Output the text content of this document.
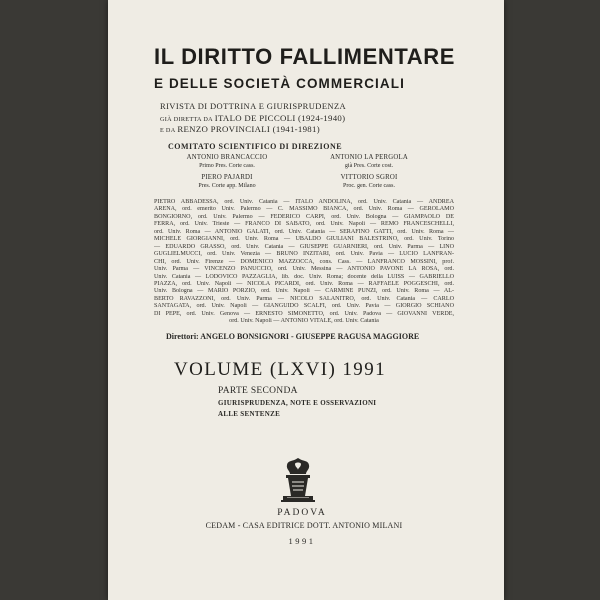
IL DIRITTO FALLIMENTARE
E DELLE SOCIETÀ COMMERCIALI
RIVISTA DI DOTTRINA E GIURISPRUDENZA
GIÀ DIRETTA DA ITALO DE PICCOLI (1924-1940)
E DA RENZO PROVINCIALI (1941-1981)
COMITATO SCIENTIFICO DI DIREZIONE
ANTONIO BRANCACCIO
Primo Pres. Corte cass.
ANTONIO LA PERGOLA
già Pres. Corte cost.
PIERO PAJARDI
Pres. Corte app. Milano
VITTORIO SGROI
Proc. gen. Corte cass.
PIETRO ABBADESSA, ord. Univ. Catania — ITALO ANDOLINA, ord. Univ. Catania — ANDREA
ARENA, ord. emerito Univ. Palermo — C. MASSIMO BIANCA, ord. Univ. Roma — GEROLAMO
BONGIORNO, ord. Univ. Palermo — FEDERICO CARPI, ord. Univ. Bologna — GIAMPAOLO DE
FERRA, ord. Univ. Trieste — FRANCO DI SABATO, ord. Univ. Napoli — REMO FRANCESCHELLI,
ord. Univ. Roma — ANTONIO GALATI, ord. Univ. Catania — SERAFINO GATTI, ord. Univ. Roma —
MICHELE GIORGIANNI, ord. Univ. Roma — UBALDO GIULIANI BALESTRINO, ord. Univ. Torino
— EDUARDO GRASSO, ord. Univ. Catania — GIUSEPPE GUARNIERI, ord. Univ. Parma — LINO
GUGLIELMUCCI, ord. Univ. Venezia — BRUNO INZITARI, ord. Univ. Pavia — LUCIO LANFRAN-
CHI, ord. Univ. Firenze — DOMENICO MAZZOCCA, cons. Cass. — LANFRANCO MOSSINI, prof.
Univ. Parma — VINCENZO PANUCCIO, ord. Univ. Messina — ANTONIO PAVONE LA ROSA, ord.
Univ. Catania — LODOVICO PAZZAGLIA, lib. doc. Univ. Roma; docente della LUISS — GABRIELLO
PIAZZA, ord. Univ. Napoli — NICOLA PICARDI, ord. Univ. Roma — RAFFAELE POGGESCHI, ord.
Univ. Bologna — MARIO PORZIO, ord. Univ. Napoli — CARMINE PUNZI, ord. Univ. Roma — AL-
BERTO RAVAZZONI, ord. Univ. Parma — NICOLÒ SALANITRO, ord. Univ. Catania — CARLO
SANTAGATA, ord. Univ. Napoli — GIANGUIDO SCALFI, ord. Univ. Pavia — GIORGIO SCHIANO
DI PEPE, ord. Univ. Genova — ERNESTO SIMONETTO, ord. Univ. Padova — GIOVANNI VERDE,
ord. Univ. Napoli — ANTONIO VITALE, ord. Univ. Catania
Direttori: ANGELO BONSIGNORI - GIUSEPPE RAGUSA MAGGIORE
VOLUME (LXVI) 1991
PARTE SECONDA
GIURISPRUDENZA, NOTE E OSSERVAZIONI
ALLE SENTENZE
PADOVA
CEDAM - CASA EDITRICE DOTT. ANTONIO MILANI
1991
